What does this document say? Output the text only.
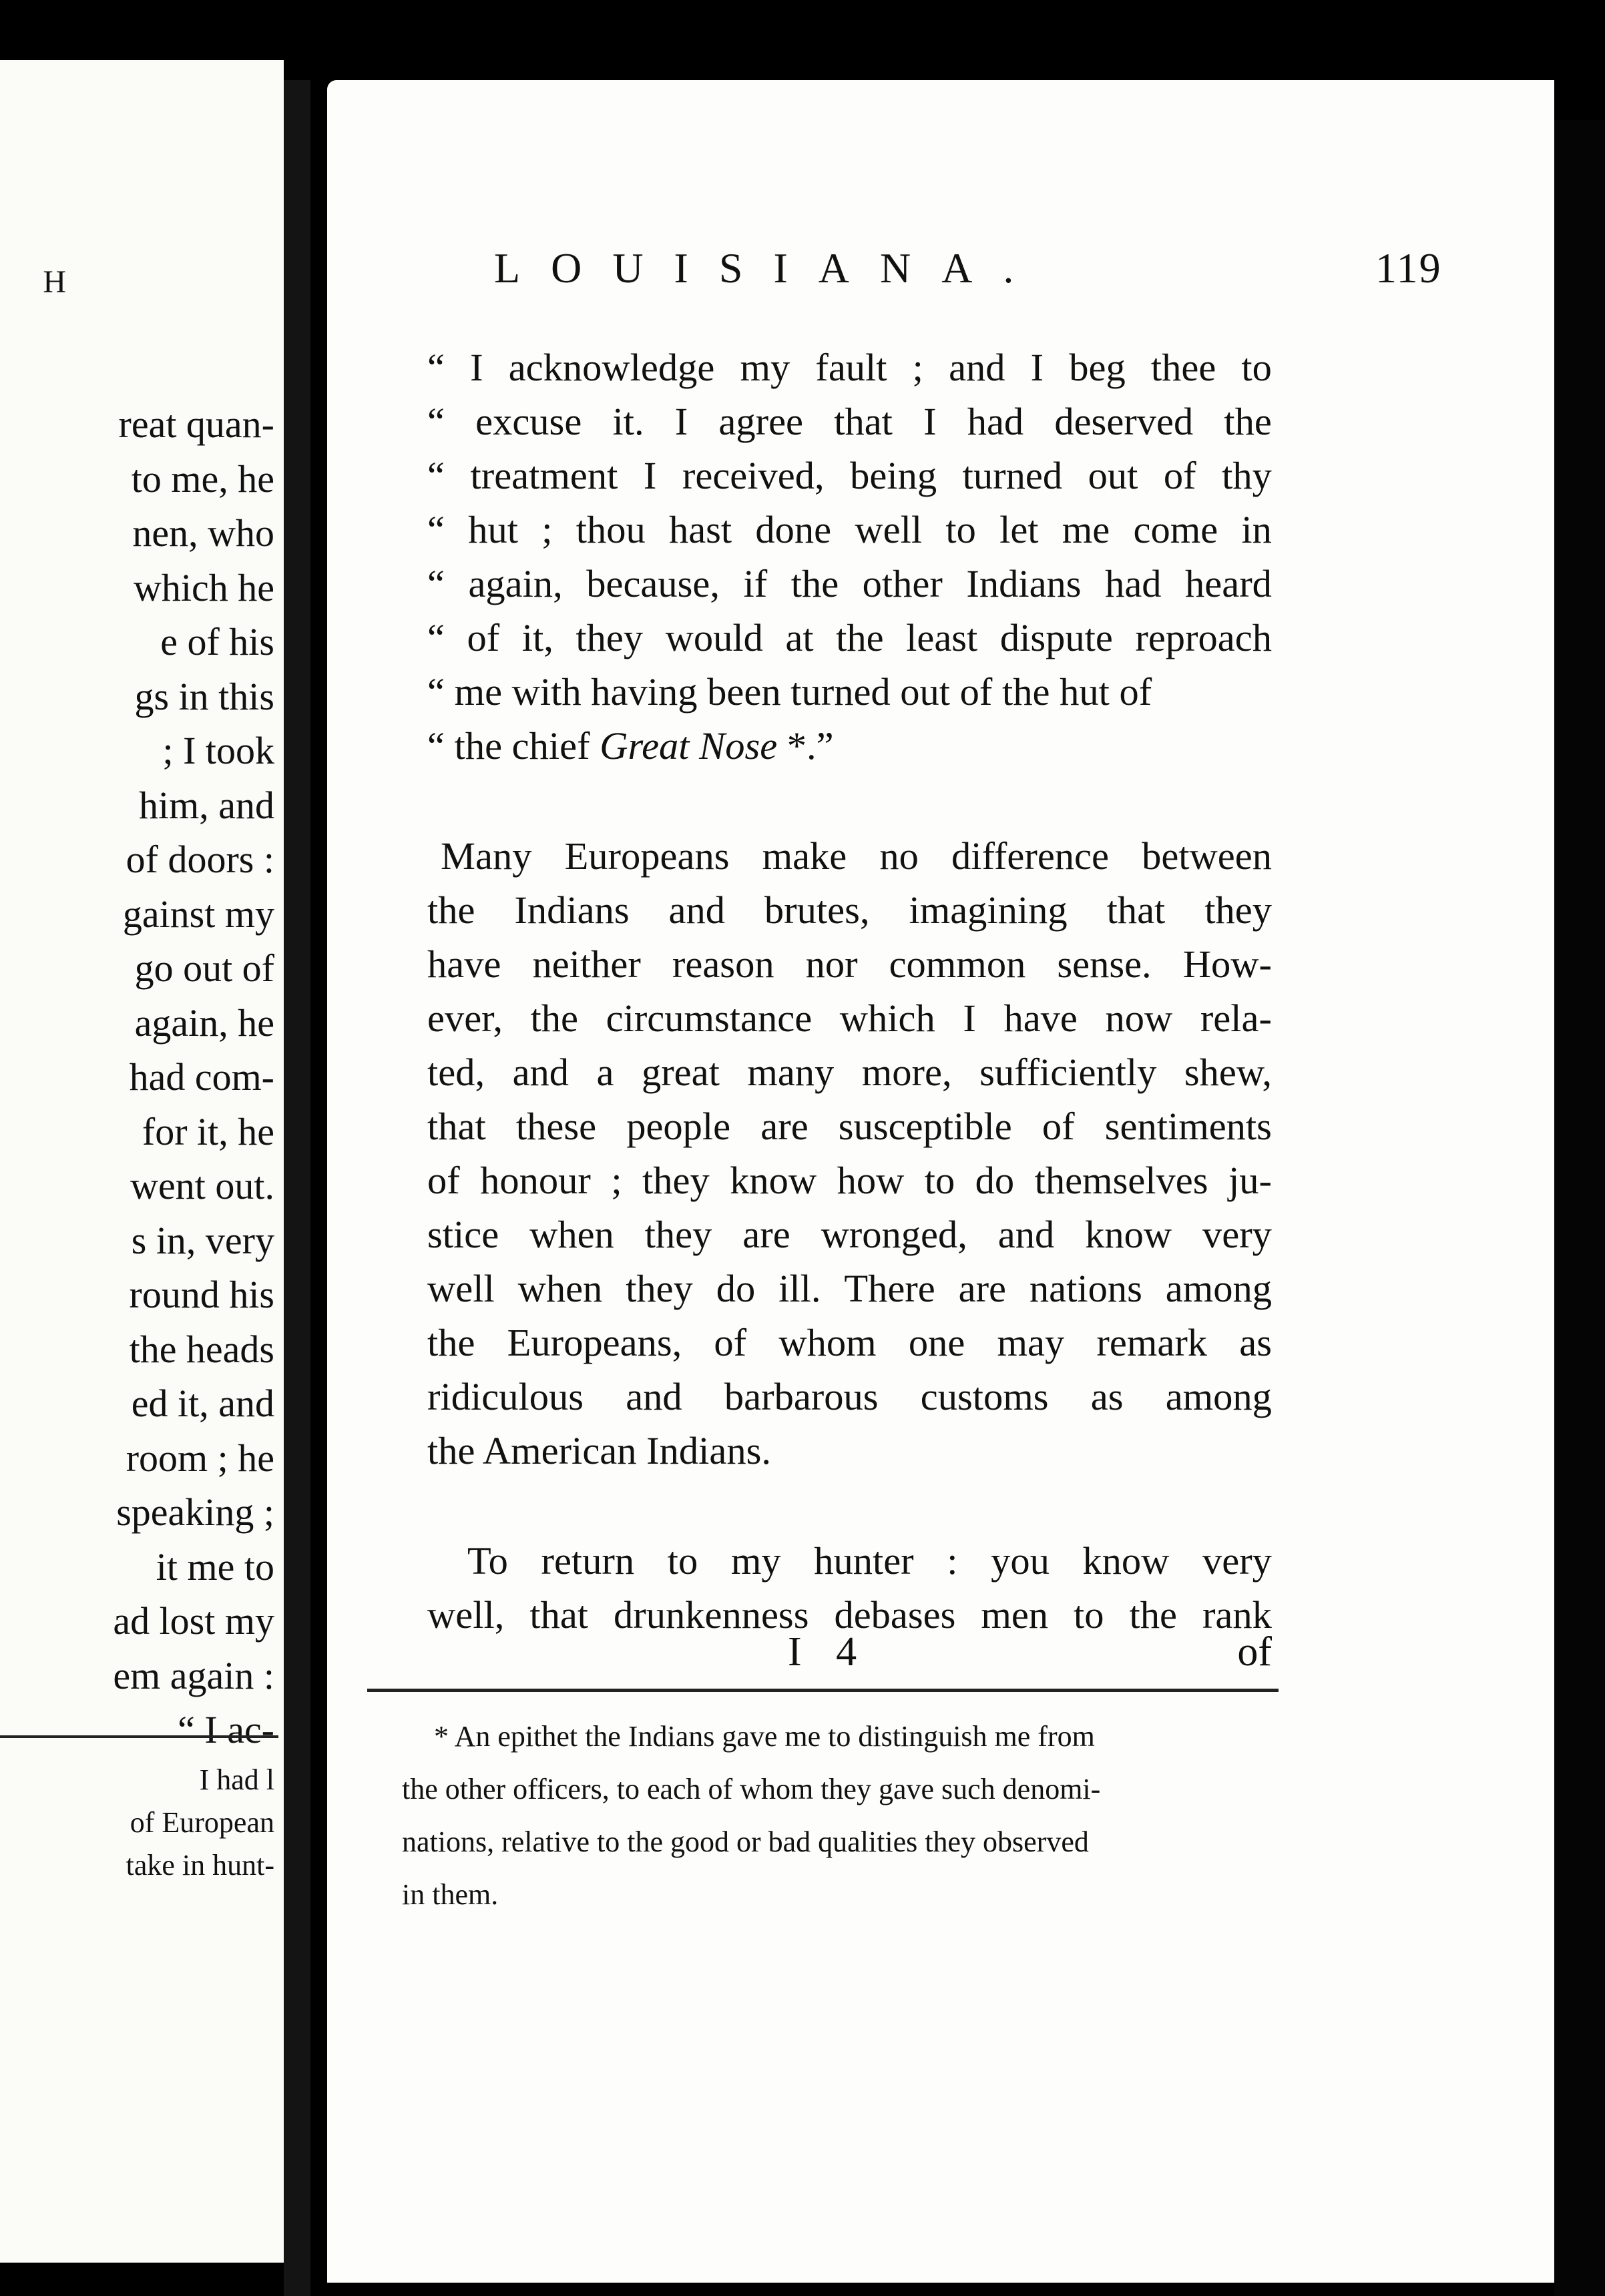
H
reat quan-
to me, he
nen, who
which he
e of his
gs in this
; I took
him, and
of doors :
gainst my
go out of
again, he
had com-
for it, he
went out.
s in, very
round his
the heads
ed it, and
room ; he
speaking ;
it me to
ad lost my
em again :
“ I ac-
I had l
of European
take in hunt-
LOUISIANA.	119
“ I acknowledge my fault ; and I beg thee to
“ excuse it. I agree that I had deserved the
“ treatment I received, being turned out of thy
“ hut ; thou hast done well to let me come in
“ again, because, if the other Indians had heard
“ of it, they would at the least dispute reproach
“ me with having been turned out of the hut of
“ the chief Great Nose *.”
Many Europeans make no difference between
the Indians and brutes, imagining that they
have neither reason nor common sense. How-
ever, the circumstance which I have now rela-
ted, and a great many more, sufficiently shew,
that these people are susceptible of sentiments
of honour ; they know how to do themselves ju-
stice when they are wronged, and know very
well when they do ill. There are nations among
the Europeans, of whom one may remark as
ridiculous and barbarous customs as among
the American Indians.
To return to my hunter : you know very
well, that drunkenness debases men to the rank
I 4	of
* An epithet the Indians gave me to distinguish me from
the other officers, to each of whom they gave such denomi-
nations, relative to the good or bad qualities they observed
in them.
